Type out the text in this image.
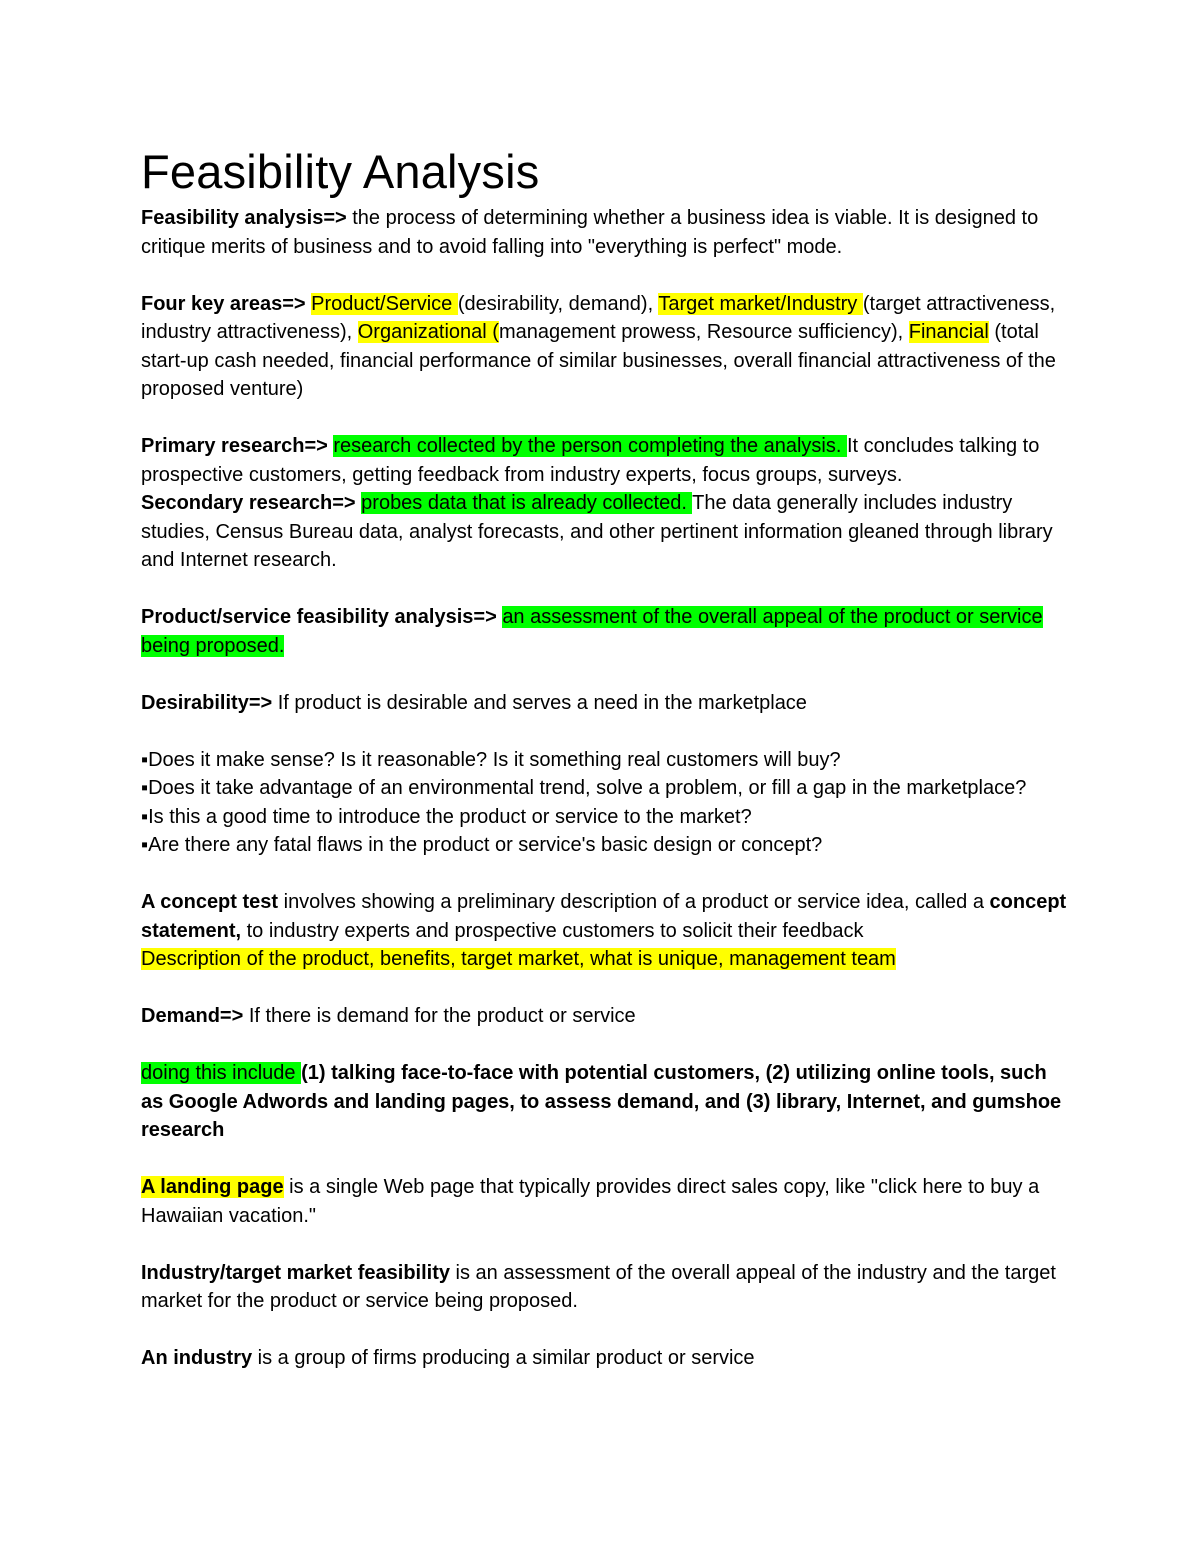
Feasibility Analysis

Feasibility analysis=> the process of determining whether a business idea is viable. It is designed to critique merits of business and to avoid falling into "everything is perfect" mode.

Four key areas=> Product/Service (desirability, demand), Target market/Industry (target attractiveness, industry attractiveness), Organizational (management prowess, Resource sufficiency), Financial (total start-up cash needed, financial performance of similar businesses, overall financial attractiveness of the proposed venture)

Primary research=> research collected by the person completing the analysis. It concludes talking to prospective customers, getting feedback from industry experts, focus groups, surveys.

Secondary research=> probes data that is already collected. The data generally includes industry studies, Census Bureau data, analyst forecasts, and other pertinent information gleaned through library and Internet research.

Product/service feasibility analysis=> an assessment of the overall appeal of the product or service being proposed.

Desirability=> If product is desirable and serves a need in the marketplace

▪Does it make sense? Is it reasonable? Is it something real customers will buy?

▪Does it take advantage of an environmental trend, solve a problem, or fill a gap in the marketplace?

▪Is this a good time to introduce the product or service to the market?

▪Are there any fatal flaws in the product or service's basic design or concept?

A concept test involves showing a preliminary description of a product or service idea, called a concept statement, to industry experts and prospective customers to solicit their feedback

Description of the product, benefits, target market, what is unique, management team

Demand=> If there is demand for the product or service

doing this include (1) talking face-to-face with potential customers, (2) utilizing online tools, such as Google Adwords and landing pages, to assess demand, and (3) library, Internet, and gumshoe research

A landing page is a single Web page that typically provides direct sales copy, like "click here to buy a Hawaiian vacation."

Industry/target market feasibility is an assessment of the overall appeal of the industry and the target market for the product or service being proposed.

An industry is a group of firms producing a similar product or service
